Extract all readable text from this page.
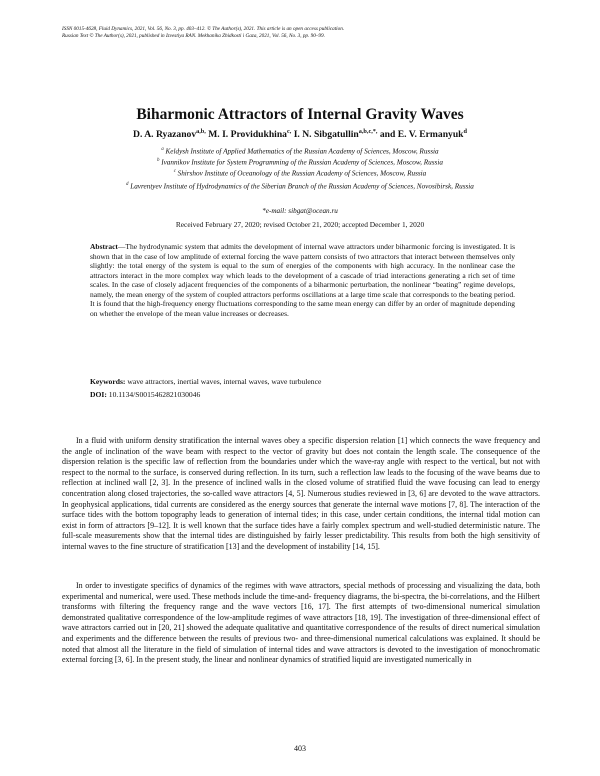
ISSN 0015-4628, Fluid Dynamics, 2021, Vol. 56, No. 3, pp. 403–412. © The Author(s), 2021. This article is an open access publication.
Russian Text © The Author(s), 2021, published in Izvestiya RAN. Mekhanika Zhidkosti i Gaza, 2021, Vol. 56, No. 3, pp. 90–99.
Biharmonic Attractors of Internal Gravity Waves
D. A. Ryazanov$^{a,b,}$ M. I. Providukhina$^{c,}$ I. N. Sibgatullin$^{a,b,c,*,}$ and E. V. Ermanyuk$^d$
$^a$ Keldysh Institute of Applied Mathematics of the Russian Academy of Sciences, Moscow, Russia
$^b$ Ivannikov Institute for System Programming of the Russian Academy of Sciences, Moscow, Russia
$^c$ Shirshov Institute of Oceanology of the Russian Academy of Sciences, Moscow, Russia
$^d$ Lavrentyev Institute of Hydrodynamics of the Siberian Branch of the Russian Academy of Sciences, Novosibirsk, Russia
*e-mail: sibgat@ocean.ru
Received February 27, 2020; revised October 21, 2020; accepted December 1, 2020
Abstract—The hydrodynamic system that admits the development of internal wave attractors under biharmonic forcing is investigated. It is shown that in the case of low amplitude of external forcing the wave pattern consists of two attractors that interact between themselves only slightly: the total energy of the system is equal to the sum of energies of the components with high accuracy. In the nonlinear case the attractors interact in the more complex way which leads to the development of a cascade of triad interactions generating a rich set of time scales. In the case of closely adjacent frequencies of the components of a biharmonic perturbation, the nonlinear “beating” regime develops, namely, the mean energy of the system of coupled attractors performs oscillations at a large time scale that corresponds to the beating period. It is found that the high-frequency energy fluctuations corresponding to the same mean energy can differ by an order of magnitude depending on whether the envelope of the mean value increases or decreases.
Keywords: wave attractors, inertial waves, internal waves, wave turbulence
DOI: 10.1134/S0015462821030046

In a fluid with uniform density stratification the internal waves obey a specific dispersion relation [1] which connects the wave frequency and the angle of inclination of the wave beam with respect to the vector of gravity but does not contain the length scale. The consequence of the dispersion relation is the specific law of reflection from the boundaries under which the wave-ray angle with respect to the vertical, but not with respect to the normal to the surface, is conserved during reflection. In its turn, such a reflection law leads to the focusing of the wave beams due to reflection at inclined wall [2, 3]. In the presence of inclined walls in the closed volume of stratified fluid the wave focusing can lead to energy concentration along closed trajectories, the so-called wave attractors [4, 5]. Numerous studies reviewed in [3, 6] are devoted to the wave attractors. In geophysical applications, tidal currents are considered as the energy sources that generate the internal wave motions [7, 8]. The interaction of the surface tides with the bottom topography leads to generation of internal tides; in this case, under certain conditions, the internal tidal motion can exist in form of attractors [9–12]. It is well known that the surface tides have a fairly complex spectrum and well-studied deterministic nature. The full-scale measurements show that the internal tides are distinguished by fairly lesser predictability. This results from both the high sensitivity of internal waves to the fine structure of stratification [13] and the development of instability [14, 15].

In order to investigate specifics of dynamics of the regimes with wave attractors, special methods of processing and visualizing the data, both experimental and numerical, were used. These methods include the time-and- frequency diagrams, the bi-spectra, the bi-correlations, and the Hilbert transforms with filtering the frequency range and the wave vectors [16, 17]. The first attempts of two-dimensional numerical simulation demonstrated qualitative correspondence of the low-amplitude regimes of wave attractors [18, 19]. The investigation of three-dimensional effect of wave attractors carried out in [20, 21] showed the adequate qualitative and quantitative correspondence of the results of direct numerical simulation and experiments and the difference between the results of previous two- and three-dimensional numerical calculations was explained. It should be noted that almost all the literature in the field of simulation of internal tides and wave attractors is devoted to the investigation of monochromatic external forcing [3, 6]. In the present study, the linear and nonlinear dynamics of stratified liquid are investigated numerically in

403
